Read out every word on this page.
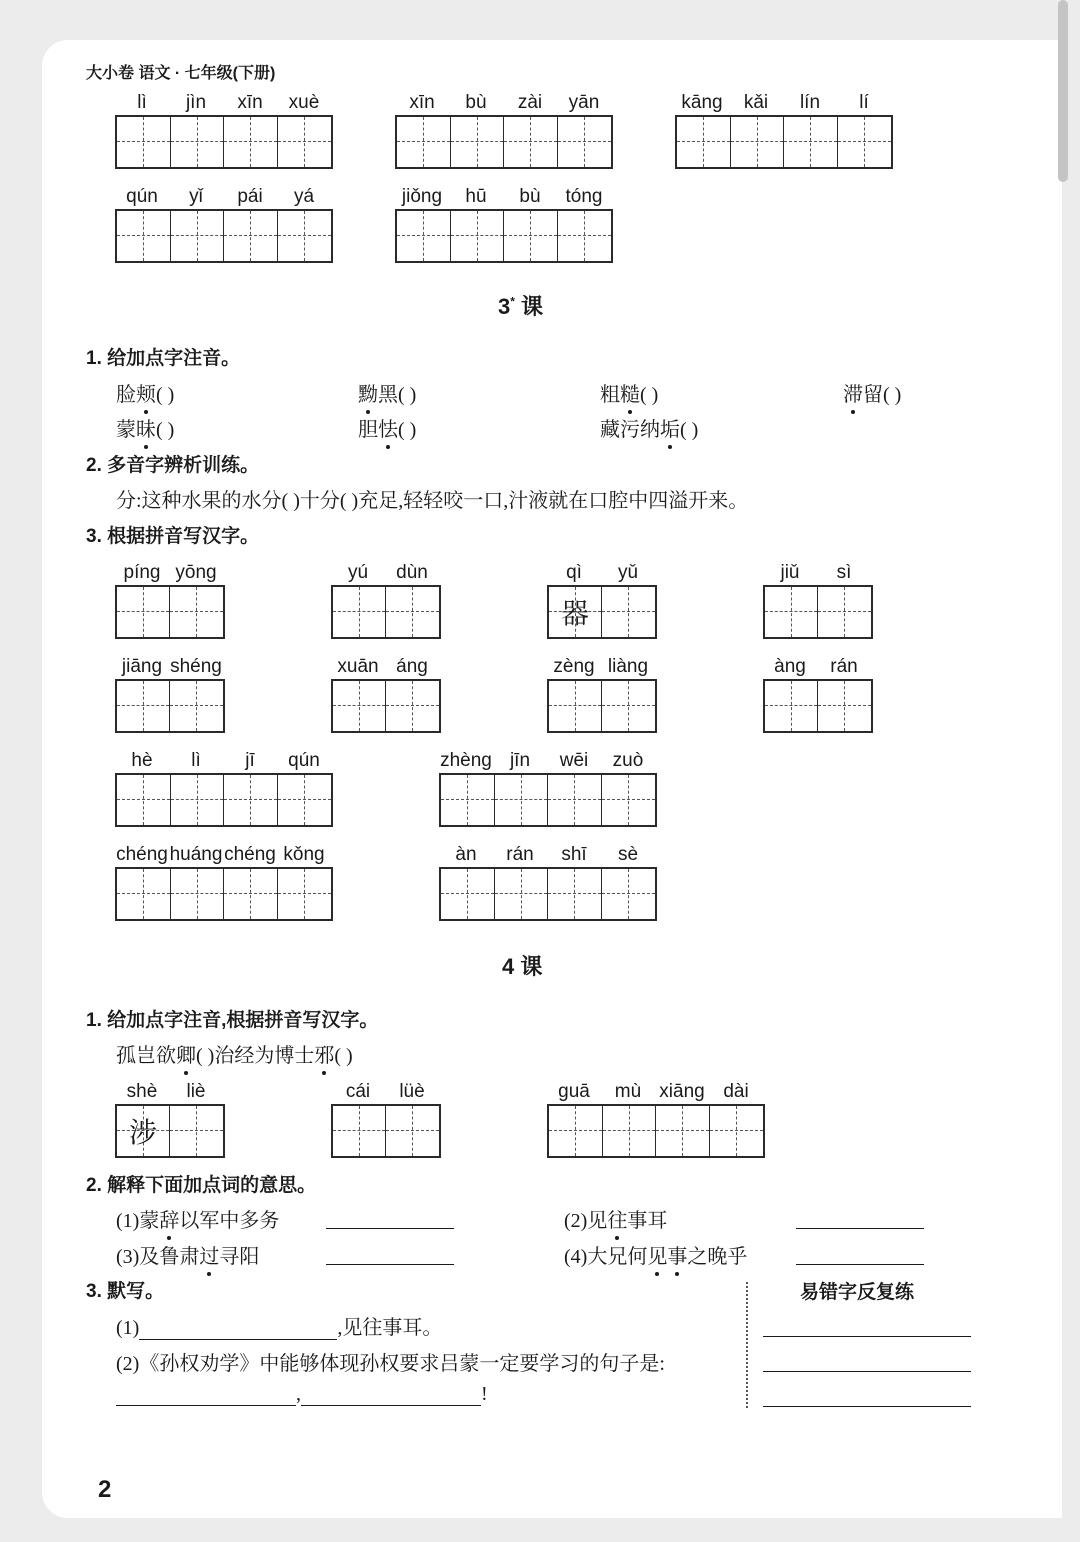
大小卷 语文 · 七年级(下册)
lì	jìn	xīn	xuè	xīn	bù	zài	yān	kāng	kǎi	lín	lí
qún	yǐ	pái	yá	jiǒng	hū	bù	tóng
3* 课
1. 给加点字注音。
脸颊( )	黝黑( )	粗糙( )	滞留( )
蒙昧( )	胆怯( )	藏污纳垢( )
2. 多音字辨析训练。
分:这种水果的水分( )十分( )充足,轻轻咬一口,汁液就在口腔中四溢开来。
3. 根据拼音写汉字。
píng yōng	yú	dùn	qì	yǔ
器
jiǔ	sì
jiāng shéng	xuān áng	zèng liàng	àng	rán
hè	lì	jī	qún	zhèng jīn	wēi	zuò
chéng huáng chéng kǒng	àn	rán	shī	sè
4 课
1. 给加点字注音,根据拼音写汉字。
孤岂欲卿( )治经为博士邪( )
shè	liè
涉
cái	lüè	guā	mù xiāng dài
2. 解释下面加点词的意思。
(1)蒙辞以军中多务	(2)见往事耳
(3)及鲁肃过寻阳	(4)大兄何见事之晚乎
3. 默写。
(1)	,见往事耳。
(2)《孙权劝学》中能够体现孙权要求吕蒙一定要学习的句子是:
,	!
易错字反复练
2
